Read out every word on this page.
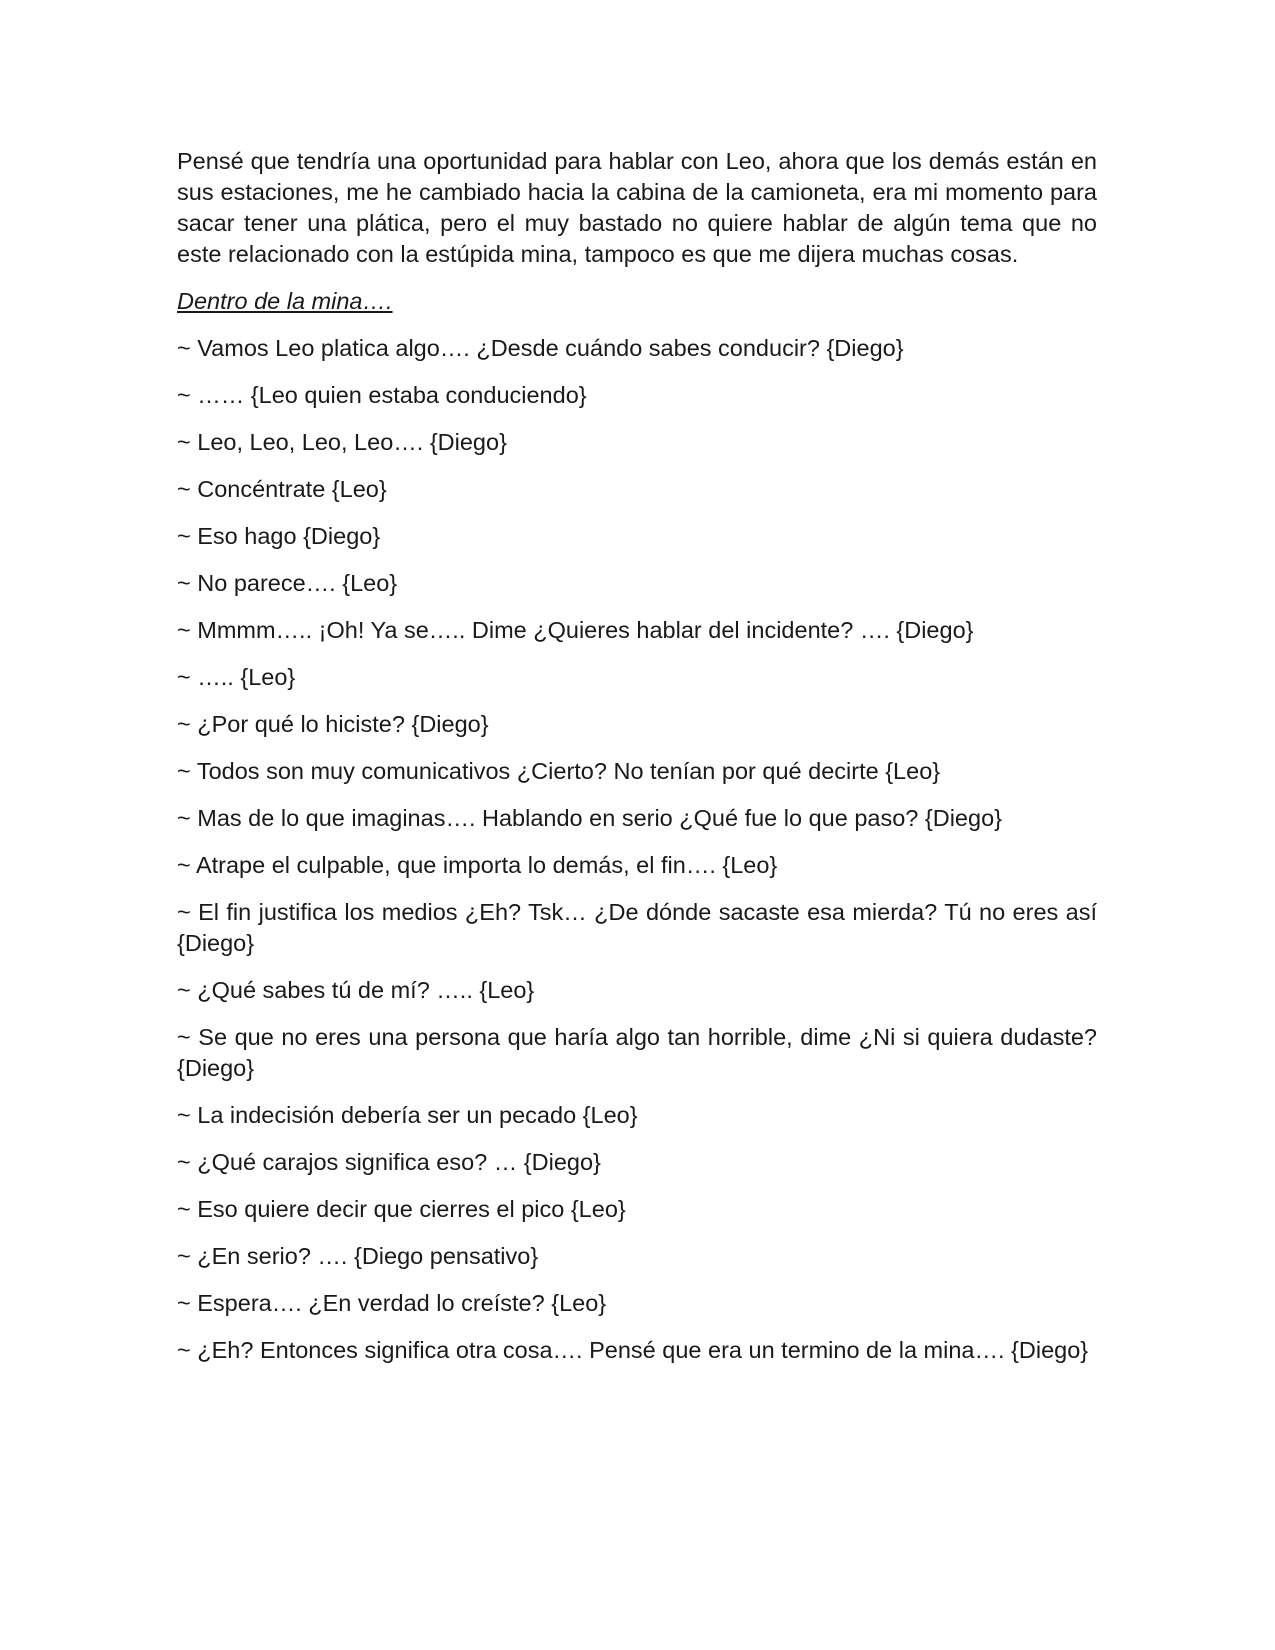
Pensé que tendría una oportunidad para hablar con Leo, ahora que los demás están en sus estaciones, me he cambiado hacia la cabina de la camioneta, era mi momento para sacar tener una plática, pero el muy bastado no quiere hablar de algún tema que no este relacionado con la estúpida mina, tampoco es que me dijera muchas cosas.

Dentro de la mina….

~ Vamos Leo platica algo…. ¿Desde cuándo sabes conducir? {Diego}

~ …… {Leo quien estaba conduciendo}

~ Leo, Leo, Leo, Leo…. {Diego}

~ Concéntrate {Leo}

~ Eso hago {Diego}

~ No parece…. {Leo}

~ Mmmm….. ¡Oh! Ya se….. Dime ¿Quieres hablar del incidente? …. {Diego}

~ ….. {Leo}

~ ¿Por qué lo hiciste? {Diego}

~ Todos son muy comunicativos ¿Cierto? No tenían por qué decirte {Leo}

~ Mas de lo que imaginas…. Hablando en serio ¿Qué fue lo que paso? {Diego}

~ Atrape el culpable, que importa lo demás, el fin…. {Leo}

~ El fin justifica los medios ¿Eh? Tsk… ¿De dónde sacaste esa mierda? Tú no eres así {Diego}

~ ¿Qué sabes tú de mí? ….. {Leo}

~ Se que no eres una persona que haría algo tan horrible, dime ¿Ni si quiera dudaste? {Diego}

~ La indecisión debería ser un pecado {Leo}

~ ¿Qué carajos significa eso? … {Diego}

~ Eso quiere decir que cierres el pico {Leo}

~ ¿En serio? …. {Diego pensativo}

~ Espera…. ¿En verdad lo creíste? {Leo}

~ ¿Eh? Entonces significa otra cosa…. Pensé que era un termino de la mina…. {Diego}
